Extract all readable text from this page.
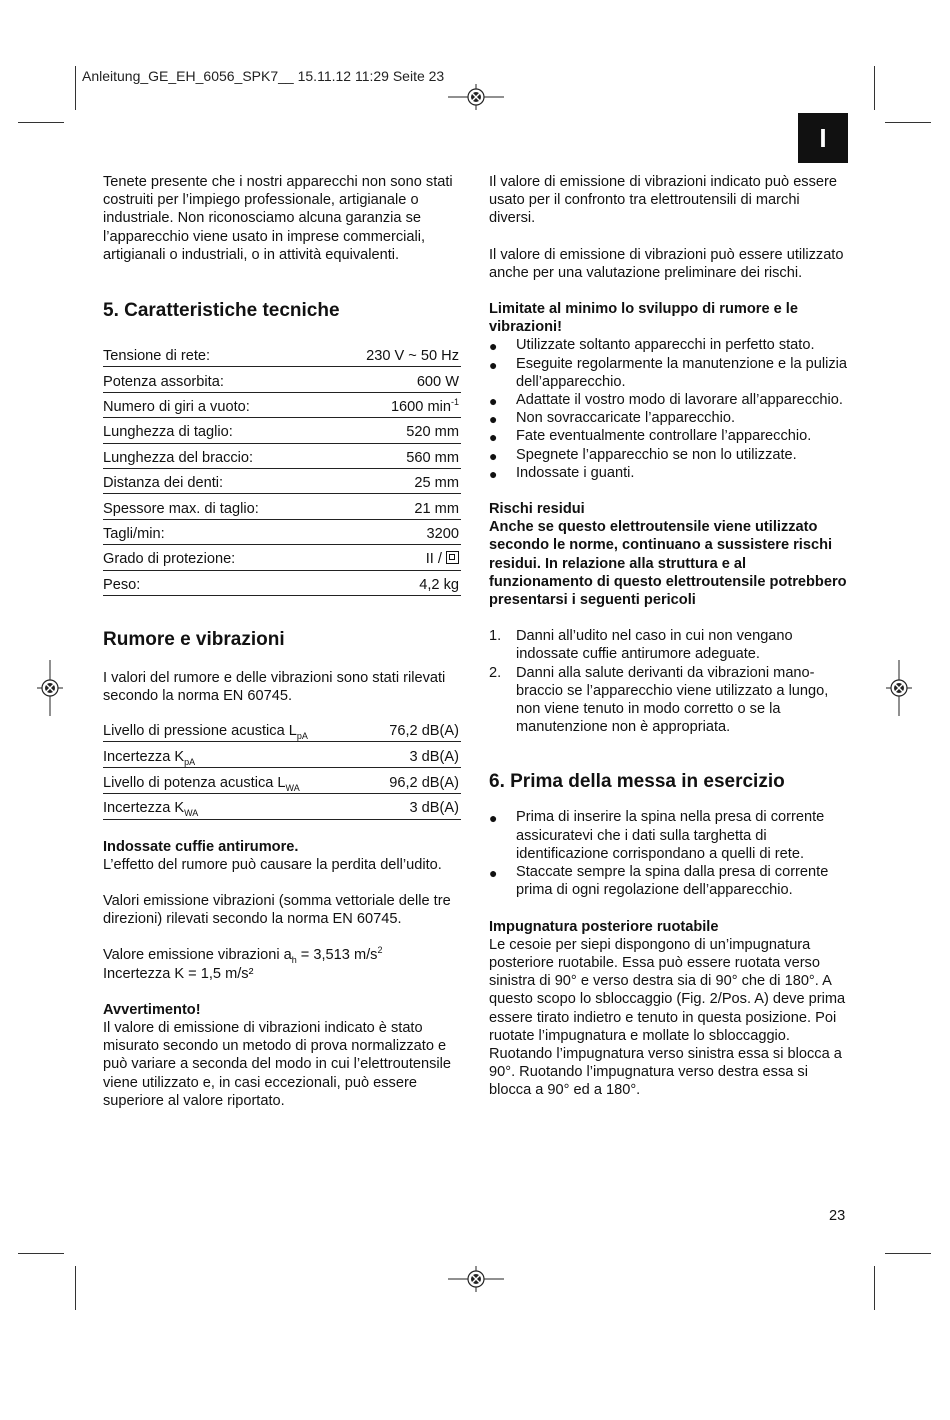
Anleitung_GE_EH_6056_SPK7__ 15.11.12 11:29 Seite 23
I

Tenete presente che i nostri apparecchi non sono stati costruiti per l’impiego professionale, artigianale o industriale. Non riconosciamo alcuna garanzia se l’apparecchio viene usato in imprese commerciali, artigianali o industriali, o in attività equivalenti.

5. Caratteristiche tecniche
Tensione di rete:	230 V ~ 50 Hz
Potenza assorbita:	600 W
Numero di giri a vuoto:	1600 $\min^{-1}$
Lunghezza di taglio:	520 mm
Lunghezza del braccio:	560 mm
Distanza dei denti:	25 mm
Spessore max. di taglio:	21 mm
Tagli/min:	3200
Grado di protezione:	II /
Peso:	4,2 kg
Rumore e vibrazioni

I valori del rumore e delle vibrazioni sono stati rilevati secondo la norma EN 60745.

Livello di pressione acustica $L_{pA}$	76,2 dB(A)
Incertezza $K_{pA}$	3 dB(A)
Livello di potenza acustica $L_{WA}$	96,2 dB(A)
Incertezza $K_{WA}$	3 dB(A)

Indossate cuffie antirumore.
L’effetto del rumore può causare la perdita dell’udito.

Valori emissione vibrazioni (somma vettoriale delle tre direzioni) rilevati secondo la norma EN 60745.

Valore emissione vibrazioni $a_h = 3,513$ $m/s^2$
Incertezza K = 1,5 m/s²

Avvertimento!
Il valore di emissione di vibrazioni indicato è stato misurato secondo un metodo di prova normalizzato e può variare a seconda del modo in cui l’elettroutensile viene utilizzato e, in casi eccezionali, può essere superiore al valore riportato.

Il valore di emissione di vibrazioni indicato può essere usato per il confronto tra elettroutensili di marchi diversi.

Il valore di emissione di vibrazioni può essere utilizzato anche per una valutazione preliminare dei rischi.

Limitate al minimo lo sviluppo di rumore e le vibrazioni!

● Utilizzate soltanto apparecchi in perfetto stato.
● Eseguite regolarmente la manutenzione e la pulizia dell’apparecchio.
● Adattate il vostro modo di lavorare all’apparecchio.
● Non sovraccaricate l’apparecchio.
● Fate eventualmente controllare l’apparecchio.
● Spegnete l’apparecchio se non lo utilizzate.
● Indossate i guanti.

Rischi residui
Anche se questo elettroutensile viene utilizzato secondo le norme, continuano a sussistere rischi residui. In relazione alla struttura e al funzionamento di questo elettroutensile potrebbero presentarsi i seguenti pericoli

1. Danni all’udito nel caso in cui non vengano indossate cuffie antirumore adeguate.
2. Danni alla salute derivanti da vibrazioni mano-braccio se l’apparecchio viene utilizzato a lungo, non viene tenuto in modo corretto o se la manutenzione non è appropriata.
6. Prima della messa in esercizio
● Prima di inserire la spina nella presa di corrente assicuratevi che i dati sulla targhetta di identificazione corrispondano a quelli di rete.
● Staccate sempre la spina dalla presa di corrente prima di ogni regolazione dell’apparecchio.

Impugnatura posteriore ruotabile
Le cesoie per siepi dispongono di un’impugnatura posteriore ruotabile. Essa può essere ruotata verso sinistra di 90° e verso destra sia di 90° che di 180°. A questo scopo lo sbloccaggio (Fig. 2/Pos. A) deve prima essere tirato indietro e tenuto in questa posizione. Poi ruotate l’impugnatura e mollate lo sbloccaggio. Ruotando l’impugnatura verso sinistra essa si blocca a 90°. Ruotando l’impugnatura verso destra essa si blocca a 90° ed a 180°.

23
